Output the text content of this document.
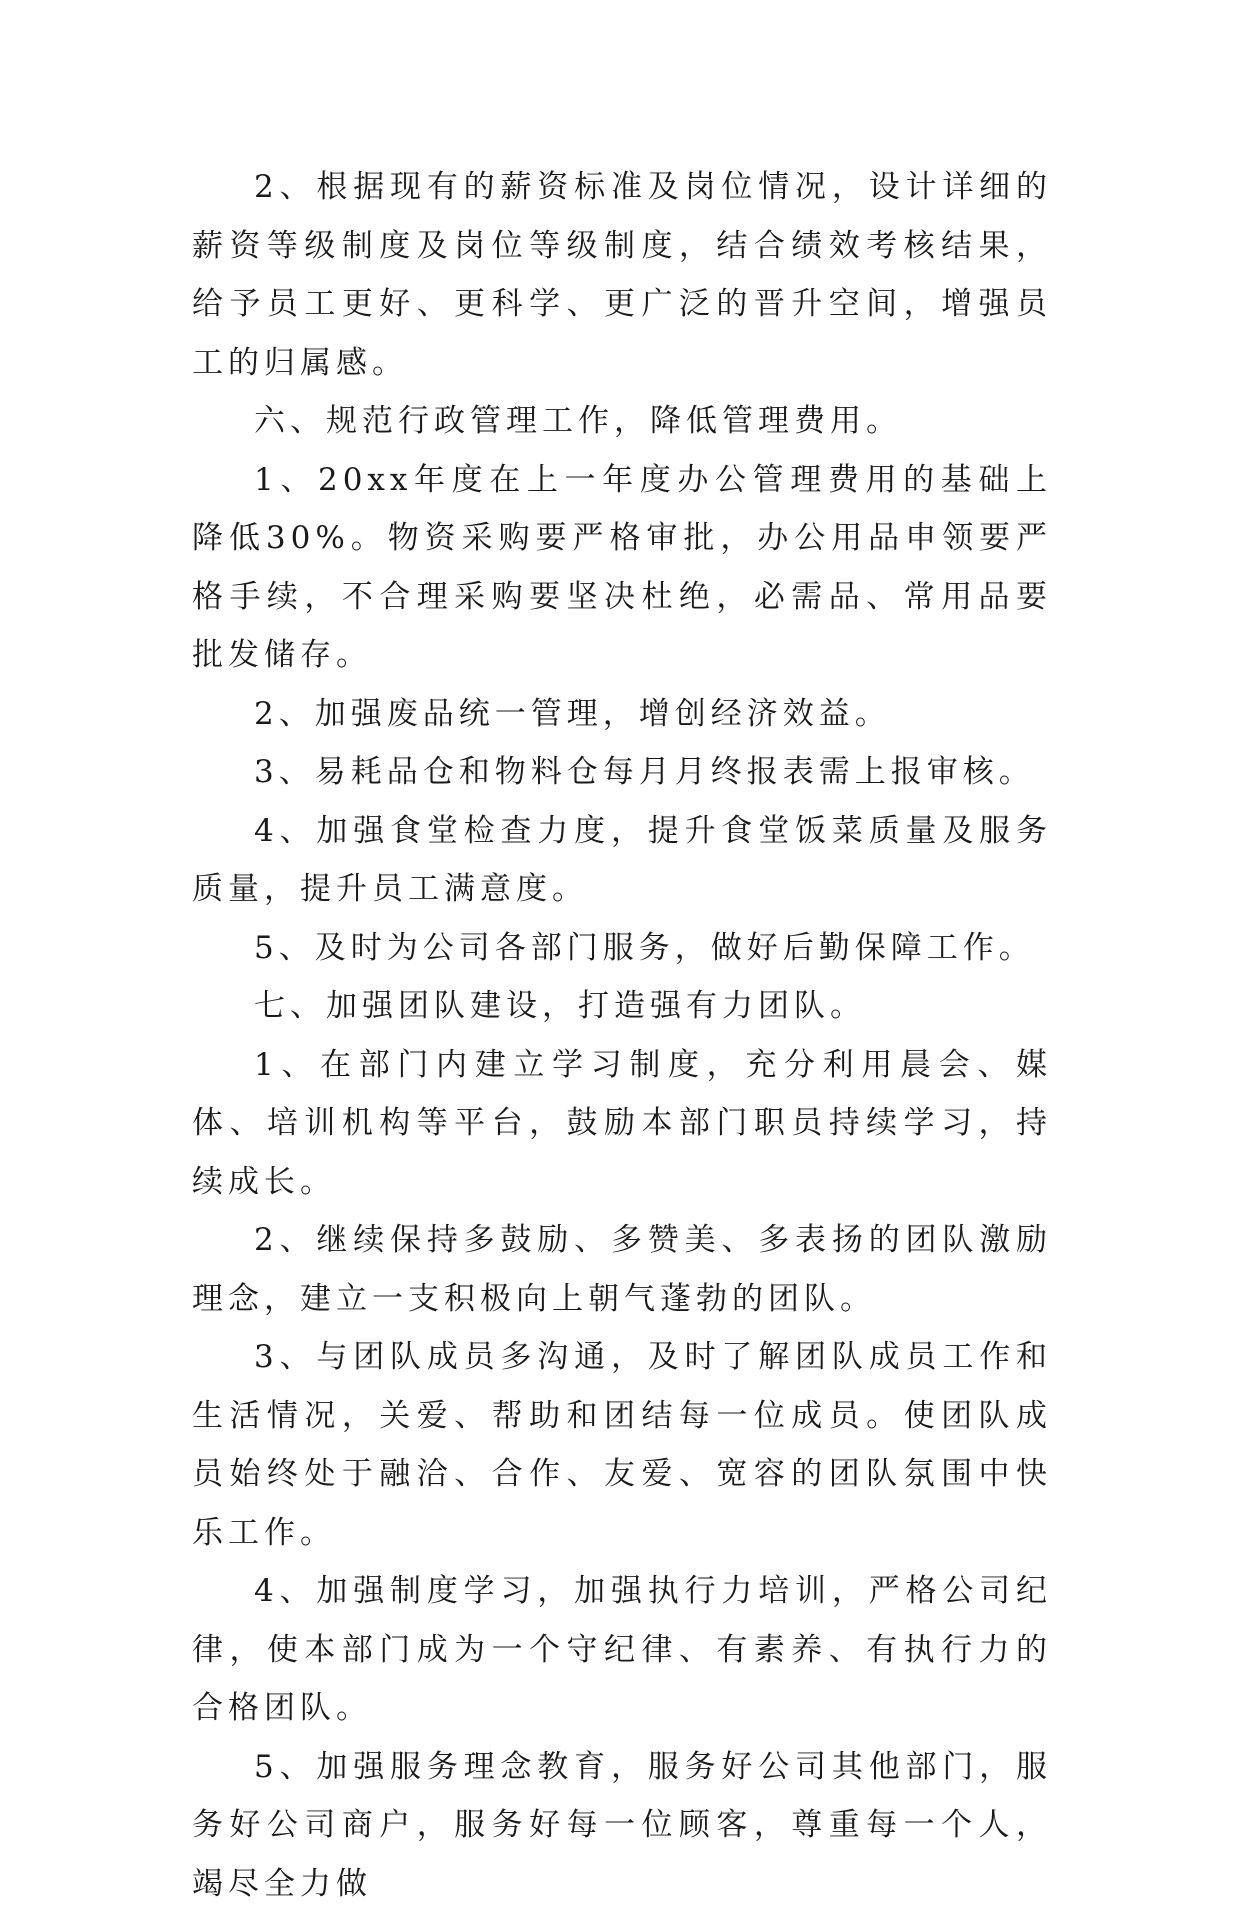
2、根据现有的薪资标准及岗位情况，设计详细的薪资等级制度及岗位等级制度，结合绩效考核结果，给予员工更好、更科学、更广泛的晋升空间，增强员工的归属感。

六、规范行政管理工作，降低管理费用。

1、20xx年度在上一年度办公管理费用的基础上降低30%。物资采购要严格审批，办公用品申领要严格手续，不合理采购要坚决杜绝，必需品、常用品要批发储存。

2、加强废品统一管理，增创经济效益。

3、易耗品仓和物料仓每月月终报表需上报审核。

4、加强食堂检查力度，提升食堂饭菜质量及服务质量，提升员工满意度。

5、及时为公司各部门服务，做好后勤保障工作。

七、加强团队建设，打造强有力团队。

1、在部门内建立学习制度，充分利用晨会、媒体、培训机构等平台，鼓励本部门职员持续学习，持续成长。

2、继续保持多鼓励、多赞美、多表扬的团队激励理念，建立一支积极向上朝气蓬勃的团队。

3、与团队成员多沟通，及时了解团队成员工作和生活情况，关爱、帮助和团结每一位成员。使团队成员始终处于融洽、合作、友爱、宽容的团队氛围中快乐工作。

4、加强制度学习，加强执行力培训，严格公司纪律，使本部门成为一个守纪律、有素养、有执行力的合格团队。

5、加强服务理念教育，服务好公司其他部门，服务好公司商户，服务好每一位顾客，尊重每一个人，竭尽全力做
